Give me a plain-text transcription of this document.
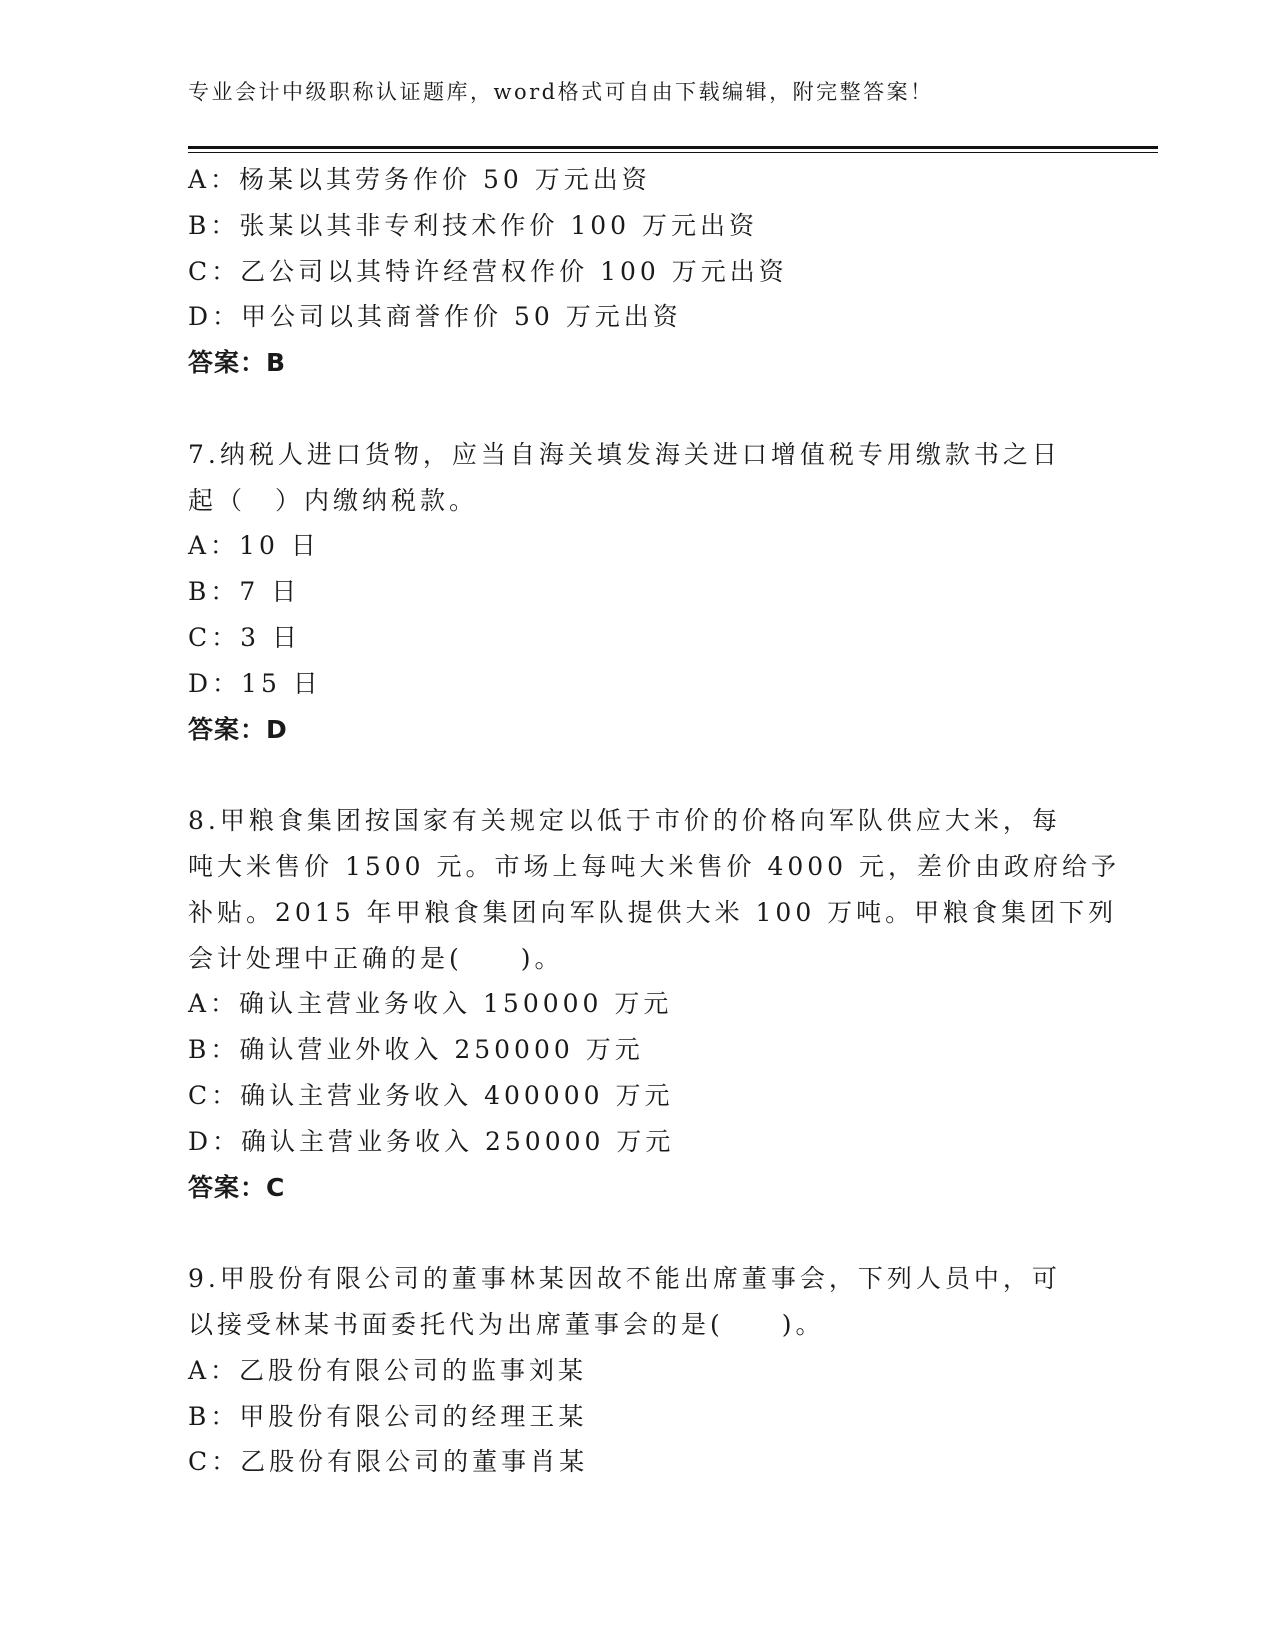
专业会计中级职称认证题库，word格式可自由下载编辑，附完整答案！
A：杨某以其劳务作价 50 万元出资
B：张某以其非专利技术作价 100 万元出资
C：乙公司以其特许经营权作价 100 万元出资
D：甲公司以其商誉作价 50 万元出资
答案：B
7.纳税人进口货物，应当自海关填发海关进口增值税专用缴款书之日
起（　）内缴纳税款。
A：10 日
B：7 日
C：3 日
D：15 日
答案：D
8.甲粮食集团按国家有关规定以低于市价的价格向军队供应大米，每
吨大米售价 1500 元。市场上每吨大米售价 4000 元，差价由政府给予
补贴。2015 年甲粮食集团向军队提供大米 100 万吨。甲粮食集团下列
会计处理中正确的是(　　)。
A：确认主营业务收入 150000 万元
B：确认营业外收入 250000 万元
C：确认主营业务收入 400000 万元
D：确认主营业务收入 250000 万元
答案：C
9.甲股份有限公司的董事林某因故不能出席董事会，下列人员中，可
以接受林某书面委托代为出席董事会的是(　　)。
A：乙股份有限公司的监事刘某
B：甲股份有限公司的经理王某
C：乙股份有限公司的董事肖某
